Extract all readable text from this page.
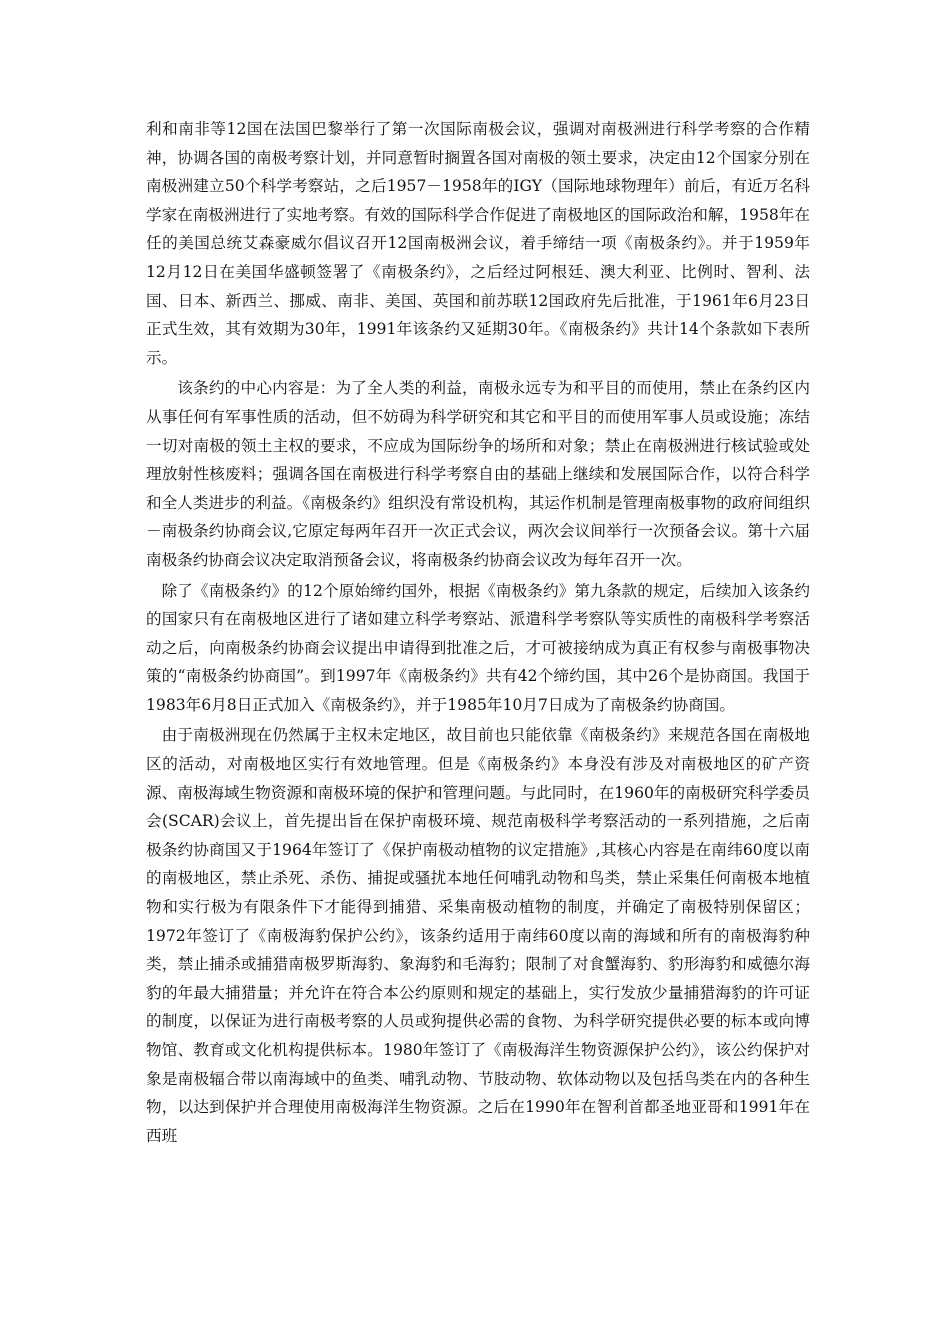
利和南非等12国在法国巴黎举行了第一次国际南极会议，强调对南极洲进行科学考察的合作精神，协调各国的南极考察计划，并同意暂时搁置各国对南极的领土要求，决定由12个国家分别在南极洲建立50个科学考察站，之后1957－1958年的IGY（国际地球物理年）前后，有近万名科学家在南极洲进行了实地考察。有效的国际科学合作促进了南极地区的国际政治和解，1958年在任的美国总统艾森豪威尔倡议召开12国南极洲会议，着手缔结一项《南极条约》。并于1959年12月12日在美国华盛顿签署了《南极条约》，之后经过阿根廷、澳大利亚、比例时、智利、法国、日本、新西兰、挪威、南非、美国、英国和前苏联12国政府先后批准，于1961年6月23日正式生效，其有效期为30年，1991年该条约又延期30年。《南极条约》共计14个条款如下表所示。

该条约的中心内容是：为了全人类的利益，南极永远专为和平目的而使用，禁止在条约区内从事任何有军事性质的活动，但不妨碍为科学研究和其它和平目的而使用军事人员或设施；冻结一切对南极的领土主权的要求，不应成为国际纷争的场所和对象；禁止在南极洲进行核试验或处理放射性核废料；强调各国在南极进行科学考察自由的基础上继续和发展国际合作，以符合科学和全人类进步的利益。《南极条约》组织没有常设机构，其运作机制是管理南极事物的政府间组织－南极条约协商会议,它原定每两年召开一次正式会议，两次会议间举行一次预备会议。第十六届南极条约协商会议决定取消预备会议，将南极条约协商会议改为每年召开一次。

除了《南极条约》的12个原始缔约国外，根据《南极条约》第九条款的规定，后续加入该条约的国家只有在南极地区进行了诸如建立科学考察站、派遣科学考察队等实质性的南极科学考察活动之后，向南极条约协商会议提出申请得到批准之后，才可被接纳成为真正有权参与南极事物决策的“南极条约协商国”。到1997年《南极条约》共有42个缔约国，其中26个是协商国。我国于1983年6月8日正式加入《南极条约》，并于1985年10月7日成为了南极条约协商国。

由于南极洲现在仍然属于主权未定地区，故目前也只能依靠《南极条约》来规范各国在南极地区的活动，对南极地区实行有效地管理。但是《南极条约》本身没有涉及对南极地区的矿产资源、南极海域生物资源和南极环境的保护和管理问题。与此同时，在1960年的南极研究科学委员会(SCAR)会议上，首先提出旨在保护南极环境、规范南极科学考察活动的一系列措施，之后南极条约协商国又于1964年签订了《保护南极动植物的议定措施》,其核心内容是在南纬60度以南的南极地区，禁止杀死、杀伤、捕捉或骚扰本地任何哺乳动物和鸟类，禁止采集任何南极本地植物和实行极为有限条件下才能得到捕猎、采集南极动植物的制度，并确定了南极特别保留区；1972年签订了《南极海豹保护公约》，该条约适用于南纬60度以南的海域和所有的南极海豹种类，禁止捕杀或捕猎南极罗斯海豹、象海豹和毛海豹；限制了对食蟹海豹、豹形海豹和威德尔海豹的年最大捕猎量；并允许在符合本公约原则和规定的基础上，实行发放少量捕猎海豹的许可证的制度，以保证为进行南极考察的人员或狗提供必需的食物、为科学研究提供必要的标本或向博物馆、教育或文化机构提供标本。1980年签订了《南极海洋生物资源保护公约》，该公约保护对象是南极辐合带以南海域中的鱼类、哺乳动物、节肢动物、软体动物以及包括鸟类在内的各种生物，以达到保护并合理使用南极海洋生物资源。之后在1990年在智利首都圣地亚哥和1991年在西班
